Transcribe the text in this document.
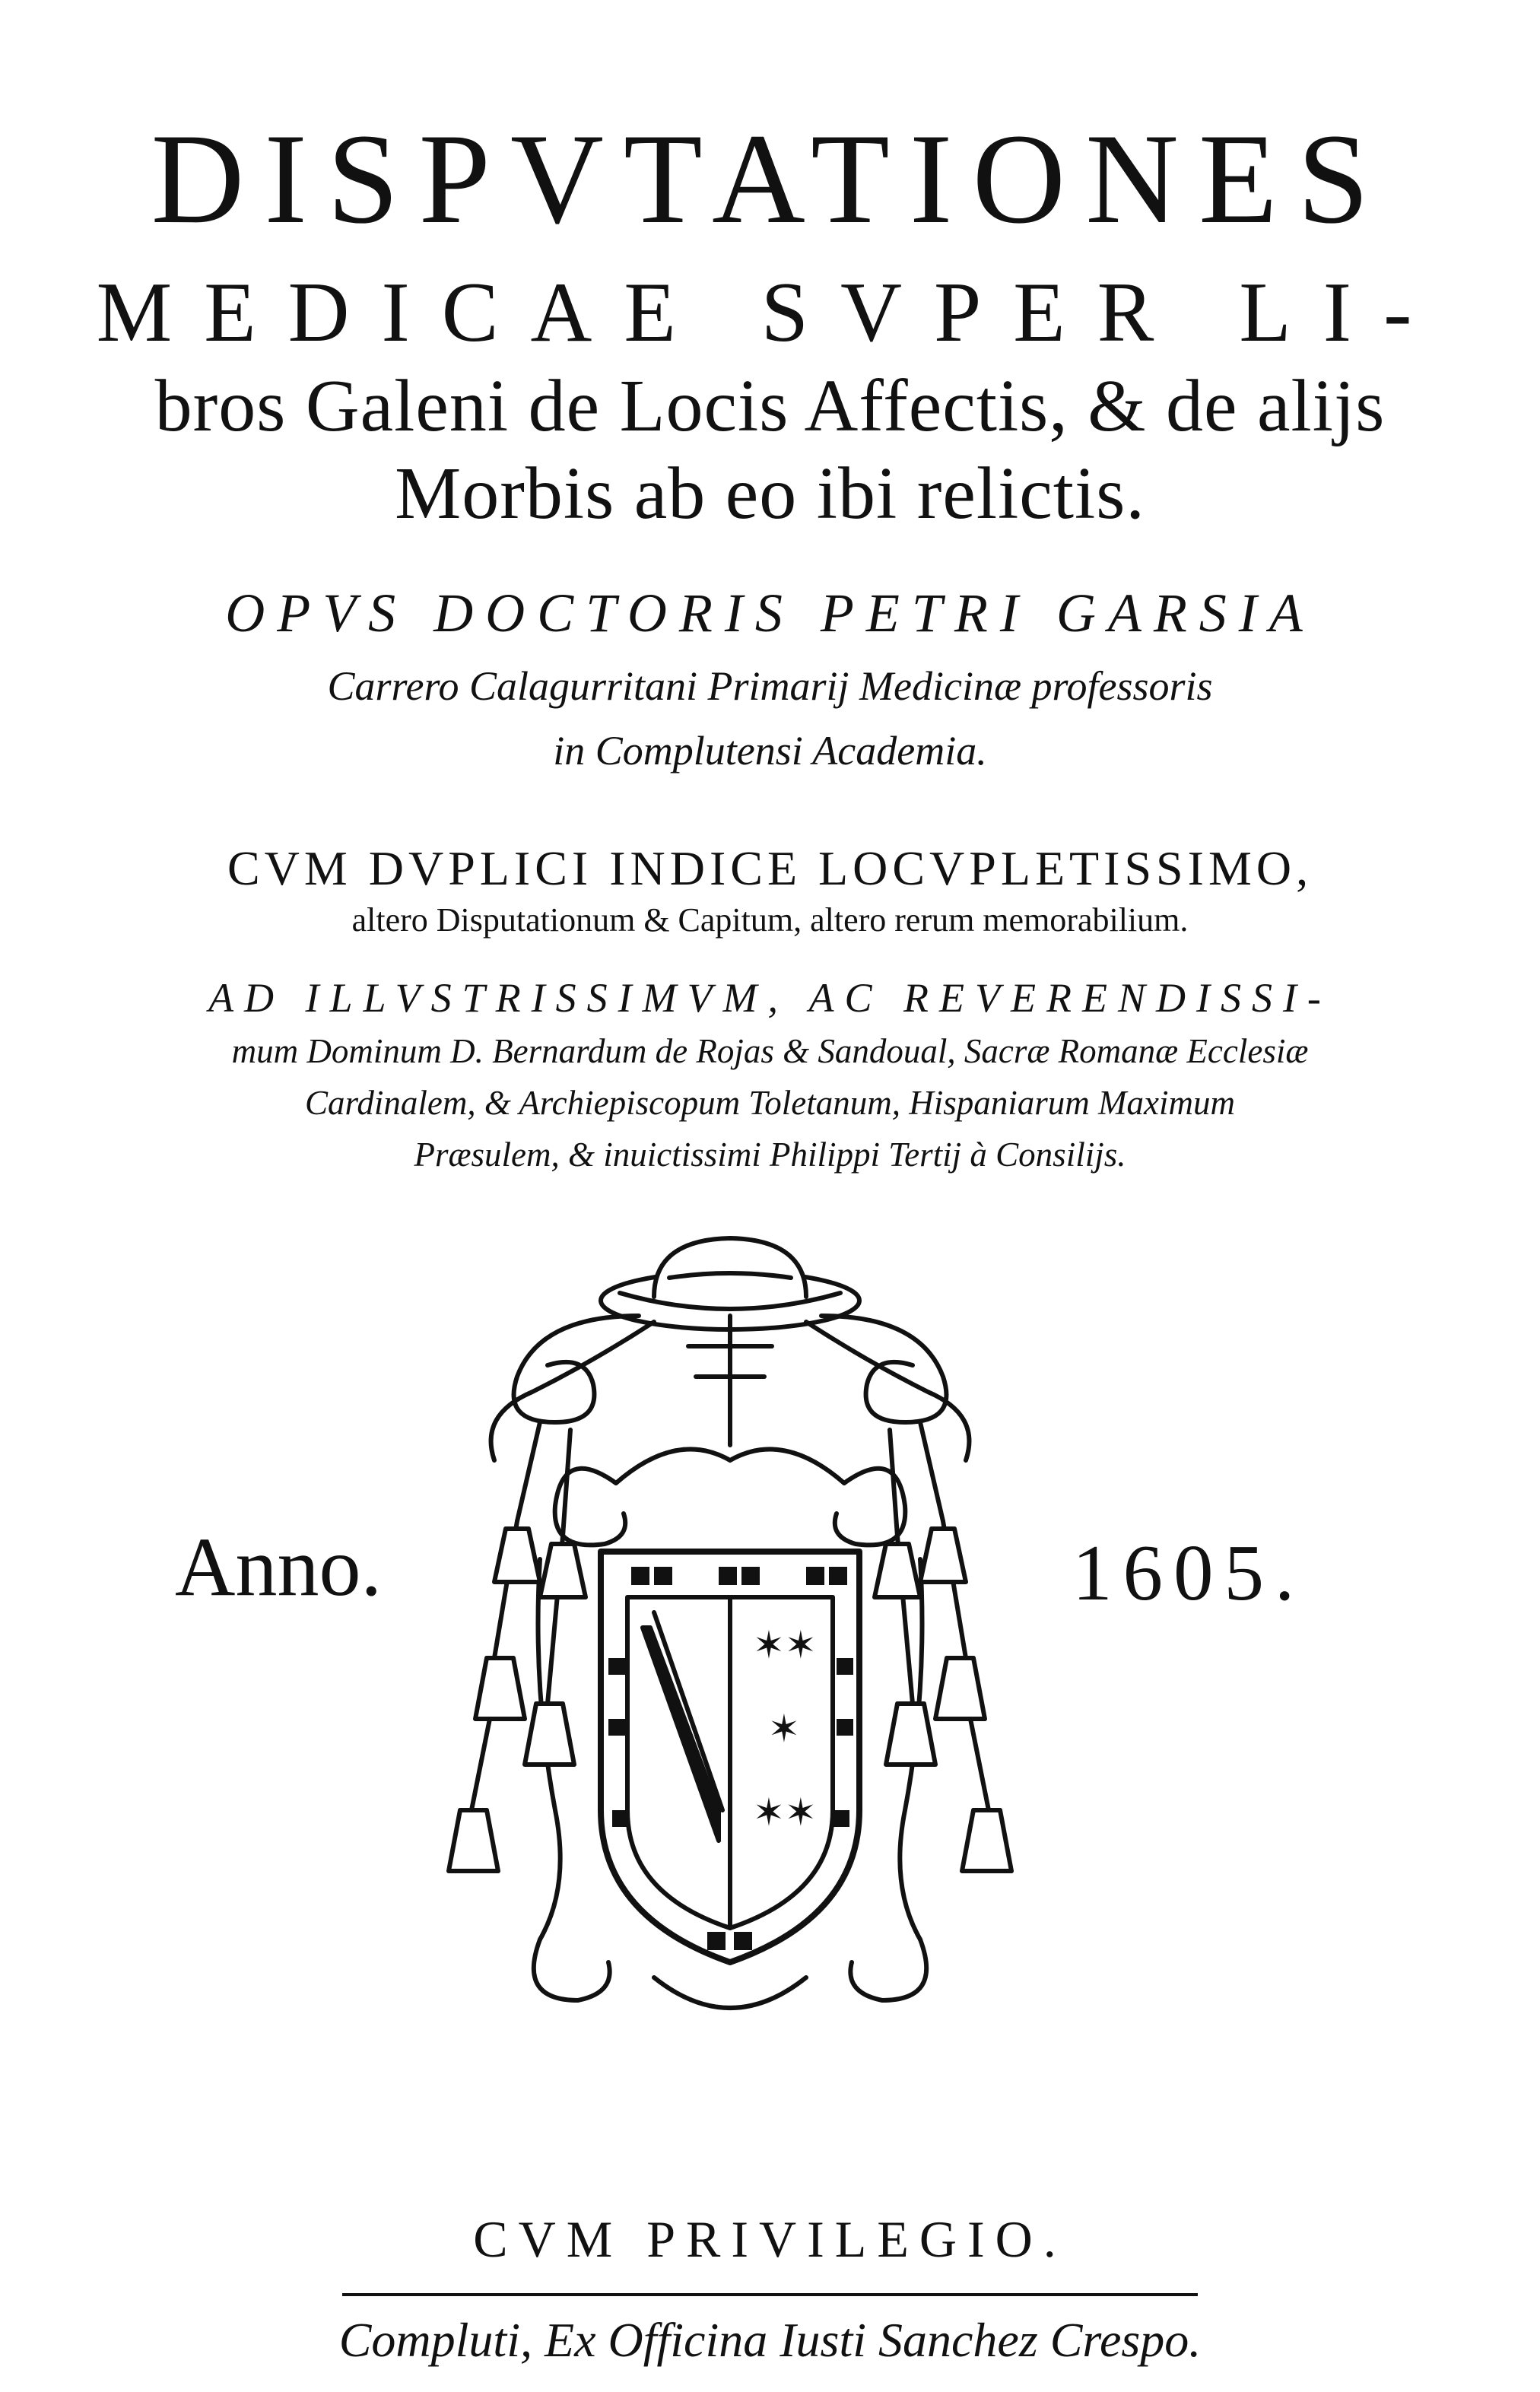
DISPVTATIONES
MEDICAE SVPER LI-
bros Galeni de Locis Affectis, & de alijs
Morbis ab eo ibi relictis.
OPVS DOCTORIS PETRI GARSIA
Carrero Calagurritani Primarij Medicinæ professoris
in Complutensi Academia.
CVM DVPLICI INDICE LOCVPLETISSIMO,
altero Disputationum & Capitum, altero rerum memorabilium.
AD ILLVSTRISSIMVM, AC REVERENDISSI-
mum Dominum D. Bernardum de Rojas & Sandoual, Sacræ Romanæ Ecclesiæ
Cardinalem, & Archiepiscopum Toletanum, Hispaniarum Maximum
Præsulem, & inuictissimi Philippi Tertij à Consilijs.
Anno.	1605.
✶✶
✶
✶✶
CVM PRIVILEGIO.
Compluti, Ex Officina Iusti Sanchez Crespo.
